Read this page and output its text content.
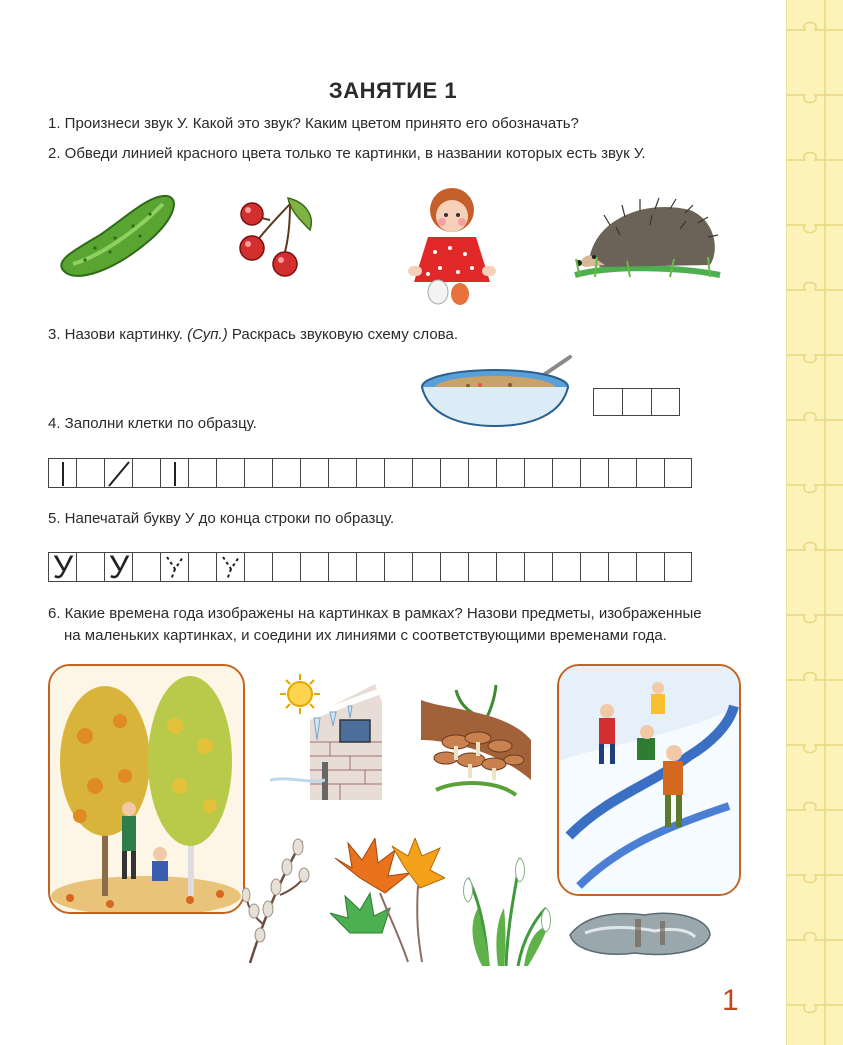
ЗАНЯТИЕ 1

1. Произнеси звук У. Какой это звук? Каким цветом принято его обозначать?

2. Обведи линией красного цвета только те картинки, в названии которых есть звук У.

3. Назови картинку. (Суп.) Раскрась звуковую схему слова.

4. Заполни клетки по образцу.

5. Напечатай букву У до конца строки по образцу.

У У

6. Какие времена года изображены на картинках в рамках? Назови предметы, изображенные

на маленьких картинках, и соедини их линиями с соответствующими временами года.

1
